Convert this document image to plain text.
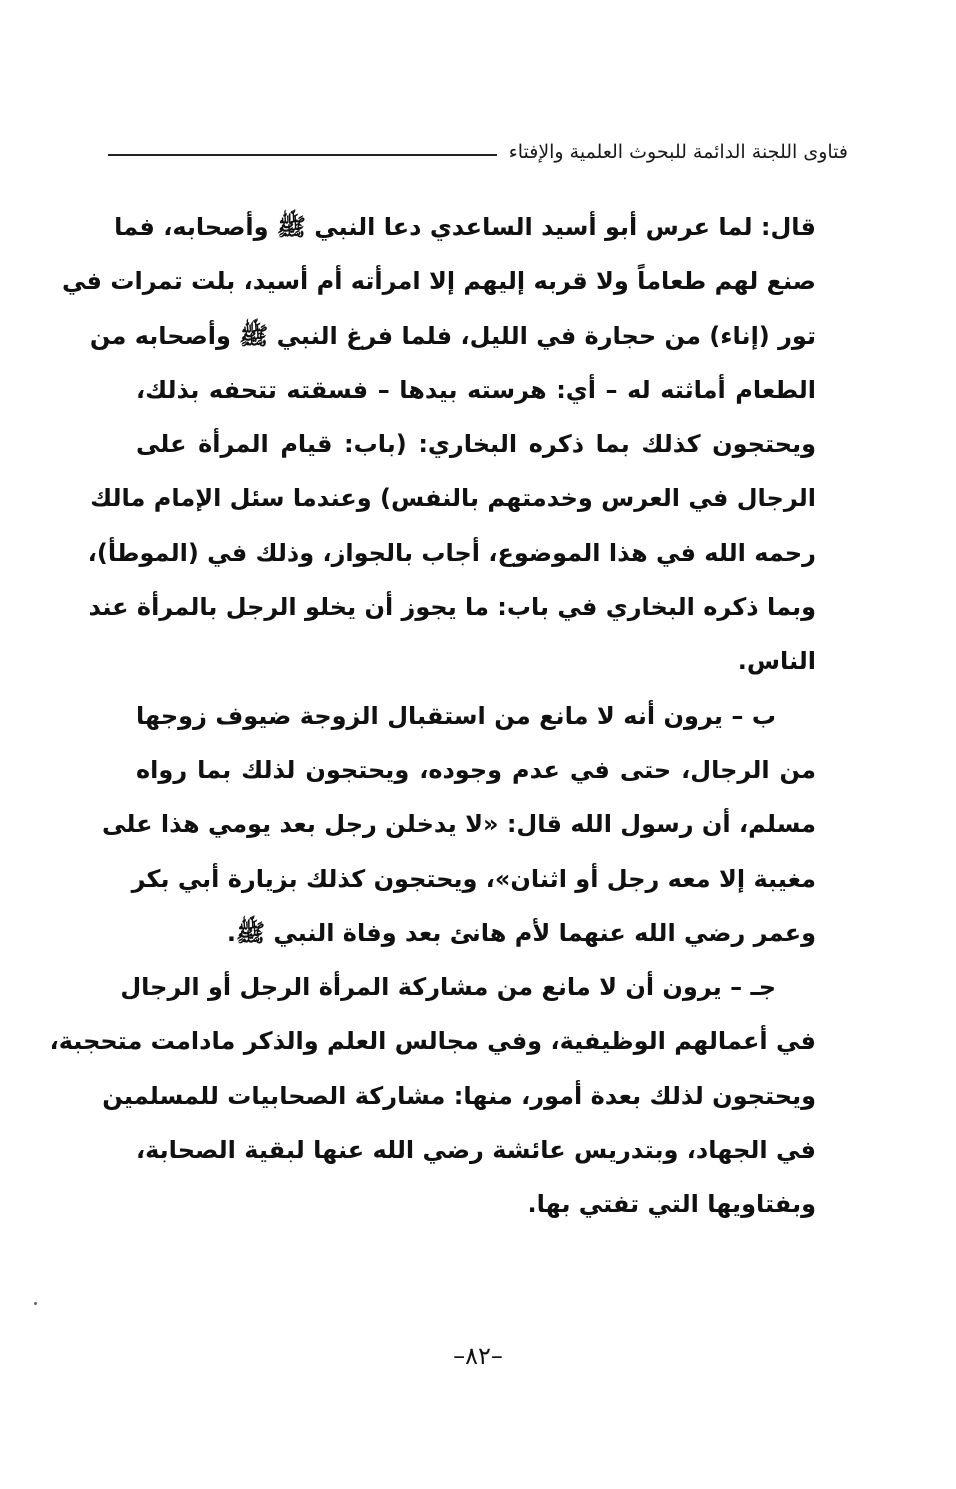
فتاوى اللجنة الدائمة للبحوث العلمية والإفتاء
قال: لما عرس أبو أسيد الساعدي دعا النبي ﷺ وأصحابه، فما
صنع لهم طعاماً ولا قربه إليهم إلا امرأته أم أسيد، بلت تمرات في
تور (إناء) من حجارة في الليل، فلما فرغ النبي ﷺ وأصحابه من
الطعام أماثته له – أي: هرسته بيدها – فسقته تتحفه بذلك،
ويحتجون كذلك بما ذكره البخاري: (باب: قيام المرأة على
الرجال في العرس وخدمتهم بالنفس) وعندما سئل الإمام مالك
رحمه الله في هذا الموضوع، أجاب بالجواز، وذلك في (الموطأ)،
وبما ذكره البخاري في باب: ما يجوز أن يخلو الرجل بالمرأة عند
الناس.
ب – يرون أنه لا مانع من استقبال الزوجة ضيوف زوجها
من الرجال، حتى في عدم وجوده، ويحتجون لذلك بما رواه
مسلم، أن رسول الله قال: «لا يدخلن رجل بعد يومي هذا على
مغيبة إلا معه رجل أو اثنان»، ويحتجون كذلك بزيارة أبي بكر
وعمر رضي الله عنهما لأم هانئ بعد وفاة النبي ﷺ.
جـ – يرون أن لا مانع من مشاركة المرأة الرجل أو الرجال
في أعمالهم الوظيفية، وفي مجالس العلم والذكر مادامت متحجبة،
ويحتجون لذلك بعدة أمور، منها: مشاركة الصحابيات للمسلمين
في الجهاد، وبتدريس عائشة رضي الله عنها لبقية الصحابة،
وبفتاويها التي تفتي بها.
–٨٢–
